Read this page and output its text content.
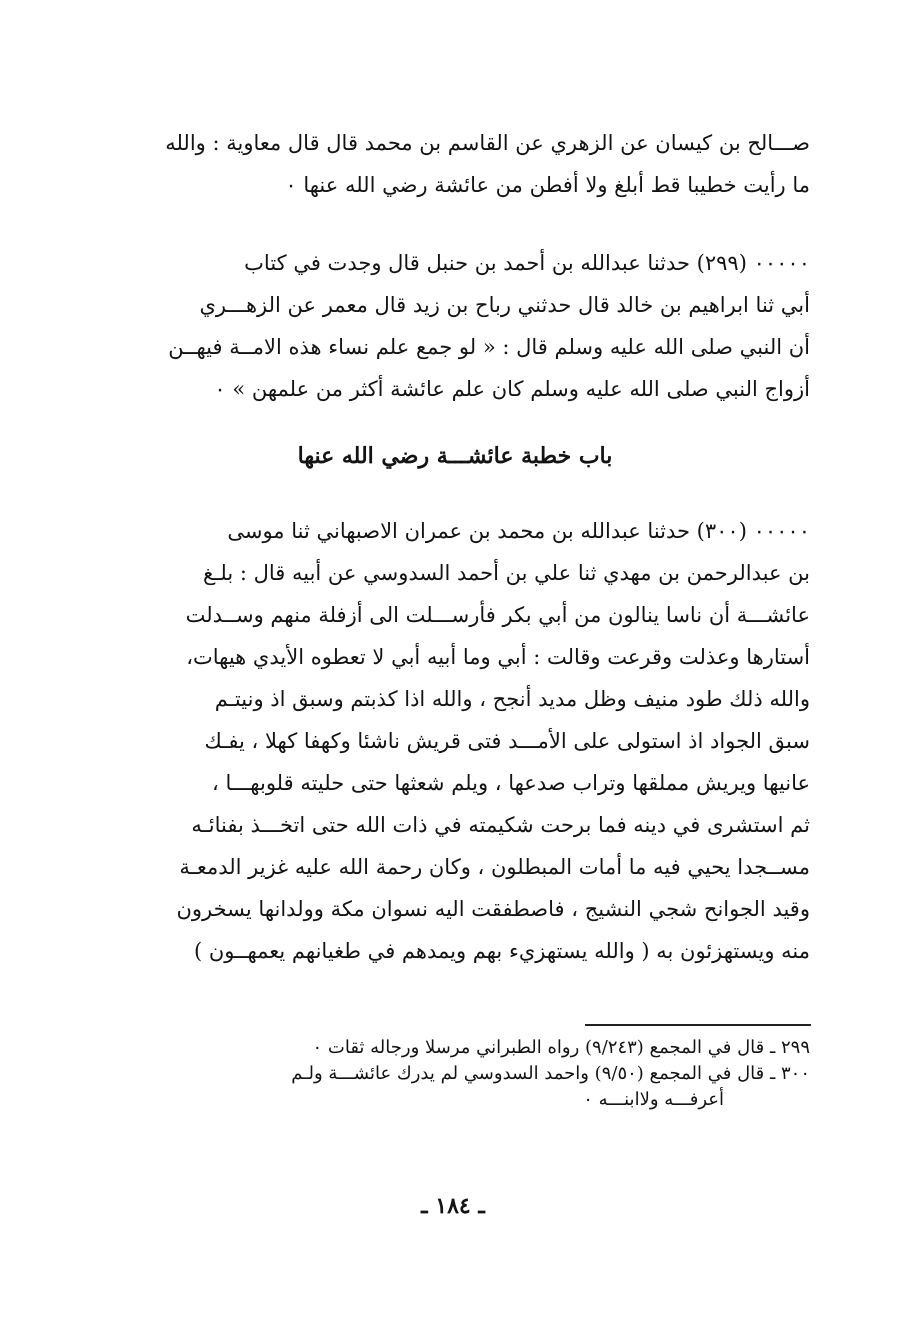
صـــالح بن كيسان عن الزهري عن القاسم بن محمد قال قال معاوية : والله
ما رأيت خطيبا قط أبلغ ولا أفطن من عائشة رضي الله عنها ٠
٠٠٠٠٠ (٢٩٩) حدثنا عبدالله بن أحمد بن حنبل قال وجدت في كتاب
أبي ثنا ابراهيم بن خالد قال حدثني رباح بن زيد قال معمر عن الزهـــري
أن النبي صلى الله عليه وسلم قال : « لو جمع علم نساء هذه الامــة فيهــن
أزواج النبي صلى الله عليه وسلم كان علم عائشة أكثر من علمهن » ٠
باب خطبة عائشـــة رضي الله عنها
٠٠٠٠٠ (٣٠٠) حدثنا عبدالله بن محمد بن عمران الاصبهاني ثنا موسى
بن عبدالرحمن بن مهدي ثنا علي بن أحمد السدوسي عن أبيه قال : بلـغ
عائشـــة أن ناسا ينالون من أبي بكر فأرســـلت الى أزفلة منهم وســدلت
أستارها وعذلت وقرعت وقالت : أبي وما أبيه أبي لا تعطوه الأيدي هيهات،
والله ذلك طود منيف وظل مديد أنجح ، والله اذا كذبتم وسبق اذ ونيتـم
سبق الجواد اذ استولى على الأمـــد فتى قريش ناشئا وكهفا كهلا ، يفـك
عانيها ويريش مملقها وتراب صدعها ، ويلم شعثها حتى حليته قلوبهـــا ،
ثم استشرى في دينه فما برحت شكيمته في ذات الله حتى اتخـــذ بفنائـه
مســجدا يحيي فيه ما أمات المبطلون ، وكان رحمة الله عليه غزير الدمعـة
وقيد الجوانح شجي النشيج ، فاصطفقت اليه نسوان مكة وولدانها يسخرون
منه ويستهزئون به ( والله يستهزيء بهم ويمدهم في طغيانهم يعمهــون )
٢٩٩ ـ قال في المجمع (٩/٢٤٣) رواه الطبراني مرسلا ورجاله ثقات ٠
٣٠٠ ـ قال في المجمع (٩/٥٠) واحمد السدوسي لم يدرك عائشـــة ولـم
أعرفـــه ولاابنـــه ٠
ـ ١٨٤ ـ
